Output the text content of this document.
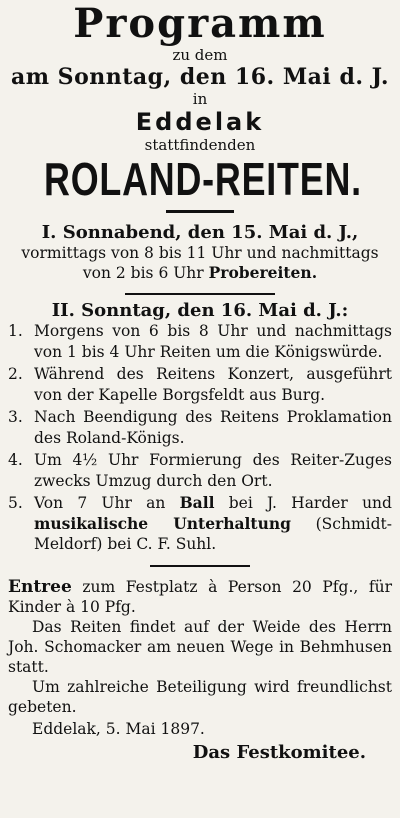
Programm
zu dem
am Sonntag, den 16. Mai d. J.
in
Eddelak
stattfindenden
ROLAND-REITEN.
I. Sonnabend, den 15. Mai d. J.,
vormittags von 8 bis 11 Uhr und nachmittags
von 2 bis 6 Uhr Probereiten.
II. Sonntag, den 16. Mai d. J.:
1. Morgens von 6 bis 8 Uhr und nachmittags von 1 bis 4 Uhr Reiten um die Königswürde.
2. Während des Reitens Konzert, ausgeführt von der Kapelle Borgsfeldt aus Burg.
3. Nach Beendigung des Reitens Proklamation des Roland-Königs.
4. Um 4½ Uhr Formierung des Reiter-Zuges zwecks Umzug durch den Ort.
5. Von 7 Uhr an Ball bei J. Harder und musikalische Unterhaltung (Schmidt-Meldorf) bei C. F. Suhl.
Entree zum Festplatz à Person 20 Pfg., für Kinder à 10 Pfg.
Das Reiten findet auf der Weide des Herrn Joh. Schomacker am neuen Wege in Behmhusen statt.
Um zahlreiche Beteiligung wird freundlichst gebeten.
Eddelak, 5. Mai 1897.
Das Festkomitee.
